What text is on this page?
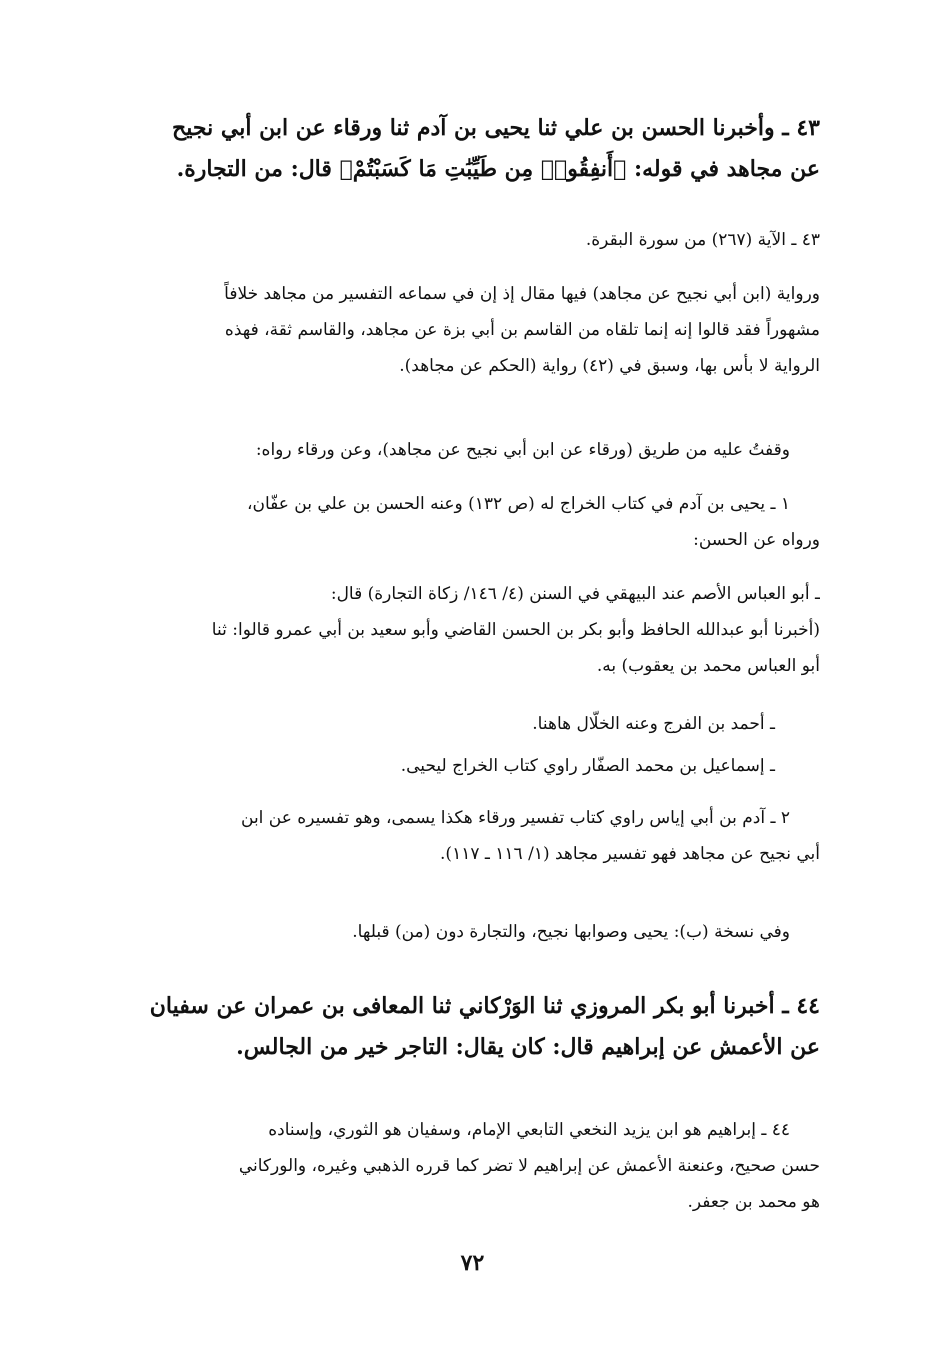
٤٣ ـ وأخبرنا الحسن بن علي ثنا يحيى بن آدم ثنا ورقاء عن ابن أبي نجيح
عن مجاهد في قوله: ﴿أَنفِقُوا۟ مِن طَيِّبَٰتِ مَا كَسَبْتُمْ﴾ قال: من التجارة.
٤٣ ـ الآية (٢٦٧) من سورة البقرة.
ورواية (ابن أبي نجيح عن مجاهد) فيها مقال إذ إن في سماعه التفسير من مجاهد خلافاً
مشهوراً فقد قالوا إنه إنما تلقاه من القاسم بن أبي بزة عن مجاهد، والقاسم ثقة، فهذه
الرواية لا بأس بها، وسبق في (٤٢) رواية (الحكم عن مجاهد).
وقفتُ عليه من طريق (ورقاء عن ابن أبي نجيح عن مجاهد)، وعن ورقاء رواه:
١ ـ يحيى بن آدم في كتاب الخراج له (ص ١٣٢) وعنه الحسن بن علي بن عفّان،
ورواه عن الحسن:
ـ أبو العباس الأصم عند البيهقي في السنن (٤/ ١٤٦/ زكاة التجارة) قال:
(أخبرنا أبو عبدالله الحافظ وأبو بكر بن الحسن القاضي وأبو سعيد بن أبي عمرو قالوا: ثنا
أبو العباس محمد بن يعقوب) به.
ـ أحمد بن الفرج وعنه الخلّال هاهنا.
ـ إسماعيل بن محمد الصفّار راوي كتاب الخراج ليحيى.
٢ ـ آدم بن أبي إياس راوي كتاب تفسير ورقاء هكذا يسمى، وهو تفسيره عن ابن
أبي نجيح عن مجاهد فهو تفسير مجاهد (١/ ١١٦ ـ ١١٧).
وفي نسخة (ب): يحيى وصوابها نجيح، والتجارة دون (من) قبلها.
٤٤ ـ أخبرنا أبو بكر المروزي ثنا الوَرْكاني ثنا المعافى بن عمران عن سفيان
عن الأعمش عن إبراهيم قال: كان يقال: التاجر خير من الجالس.
٤٤ ـ إبراهيم هو ابن يزيد النخعي التابعي الإمام، وسفيان هو الثوري، وإسناده
حسن صحيح، وعنعنة الأعمش عن إبراهيم لا تضر كما قرره الذهبي وغيره، والوركاني
هو محمد بن جعفر.
٧٢
